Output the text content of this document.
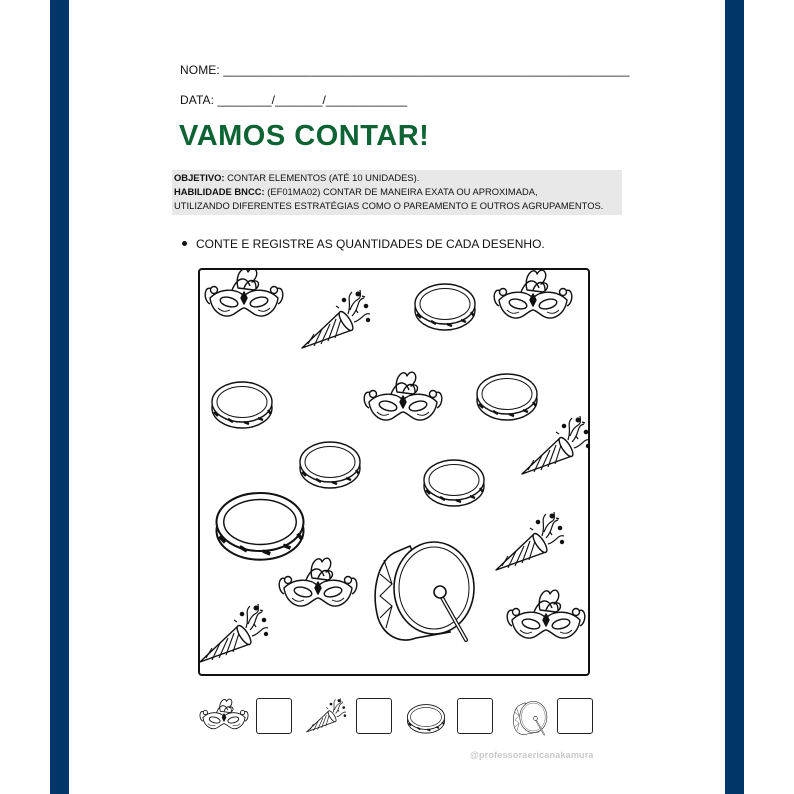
NOME: ____________________________________________________________
DATA: ________/_______/____________
VAMOS CONTAR!
OBJETIVO: CONTAR ELEMENTOS (ATÉ 10 UNIDADES).
HABILIDADE BNCC: (EF01MA02) CONTAR DE MANEIRA EXATA OU APROXIMADA,
UTILIZANDO DIFERENTES ESTRATÉGIAS COMO O PAREAMENTO E OUTROS AGRUPAMENTOS.
CONTE E REGISTRE AS QUANTIDADES DE CADA DESENHO.
@professoraericanakamura
